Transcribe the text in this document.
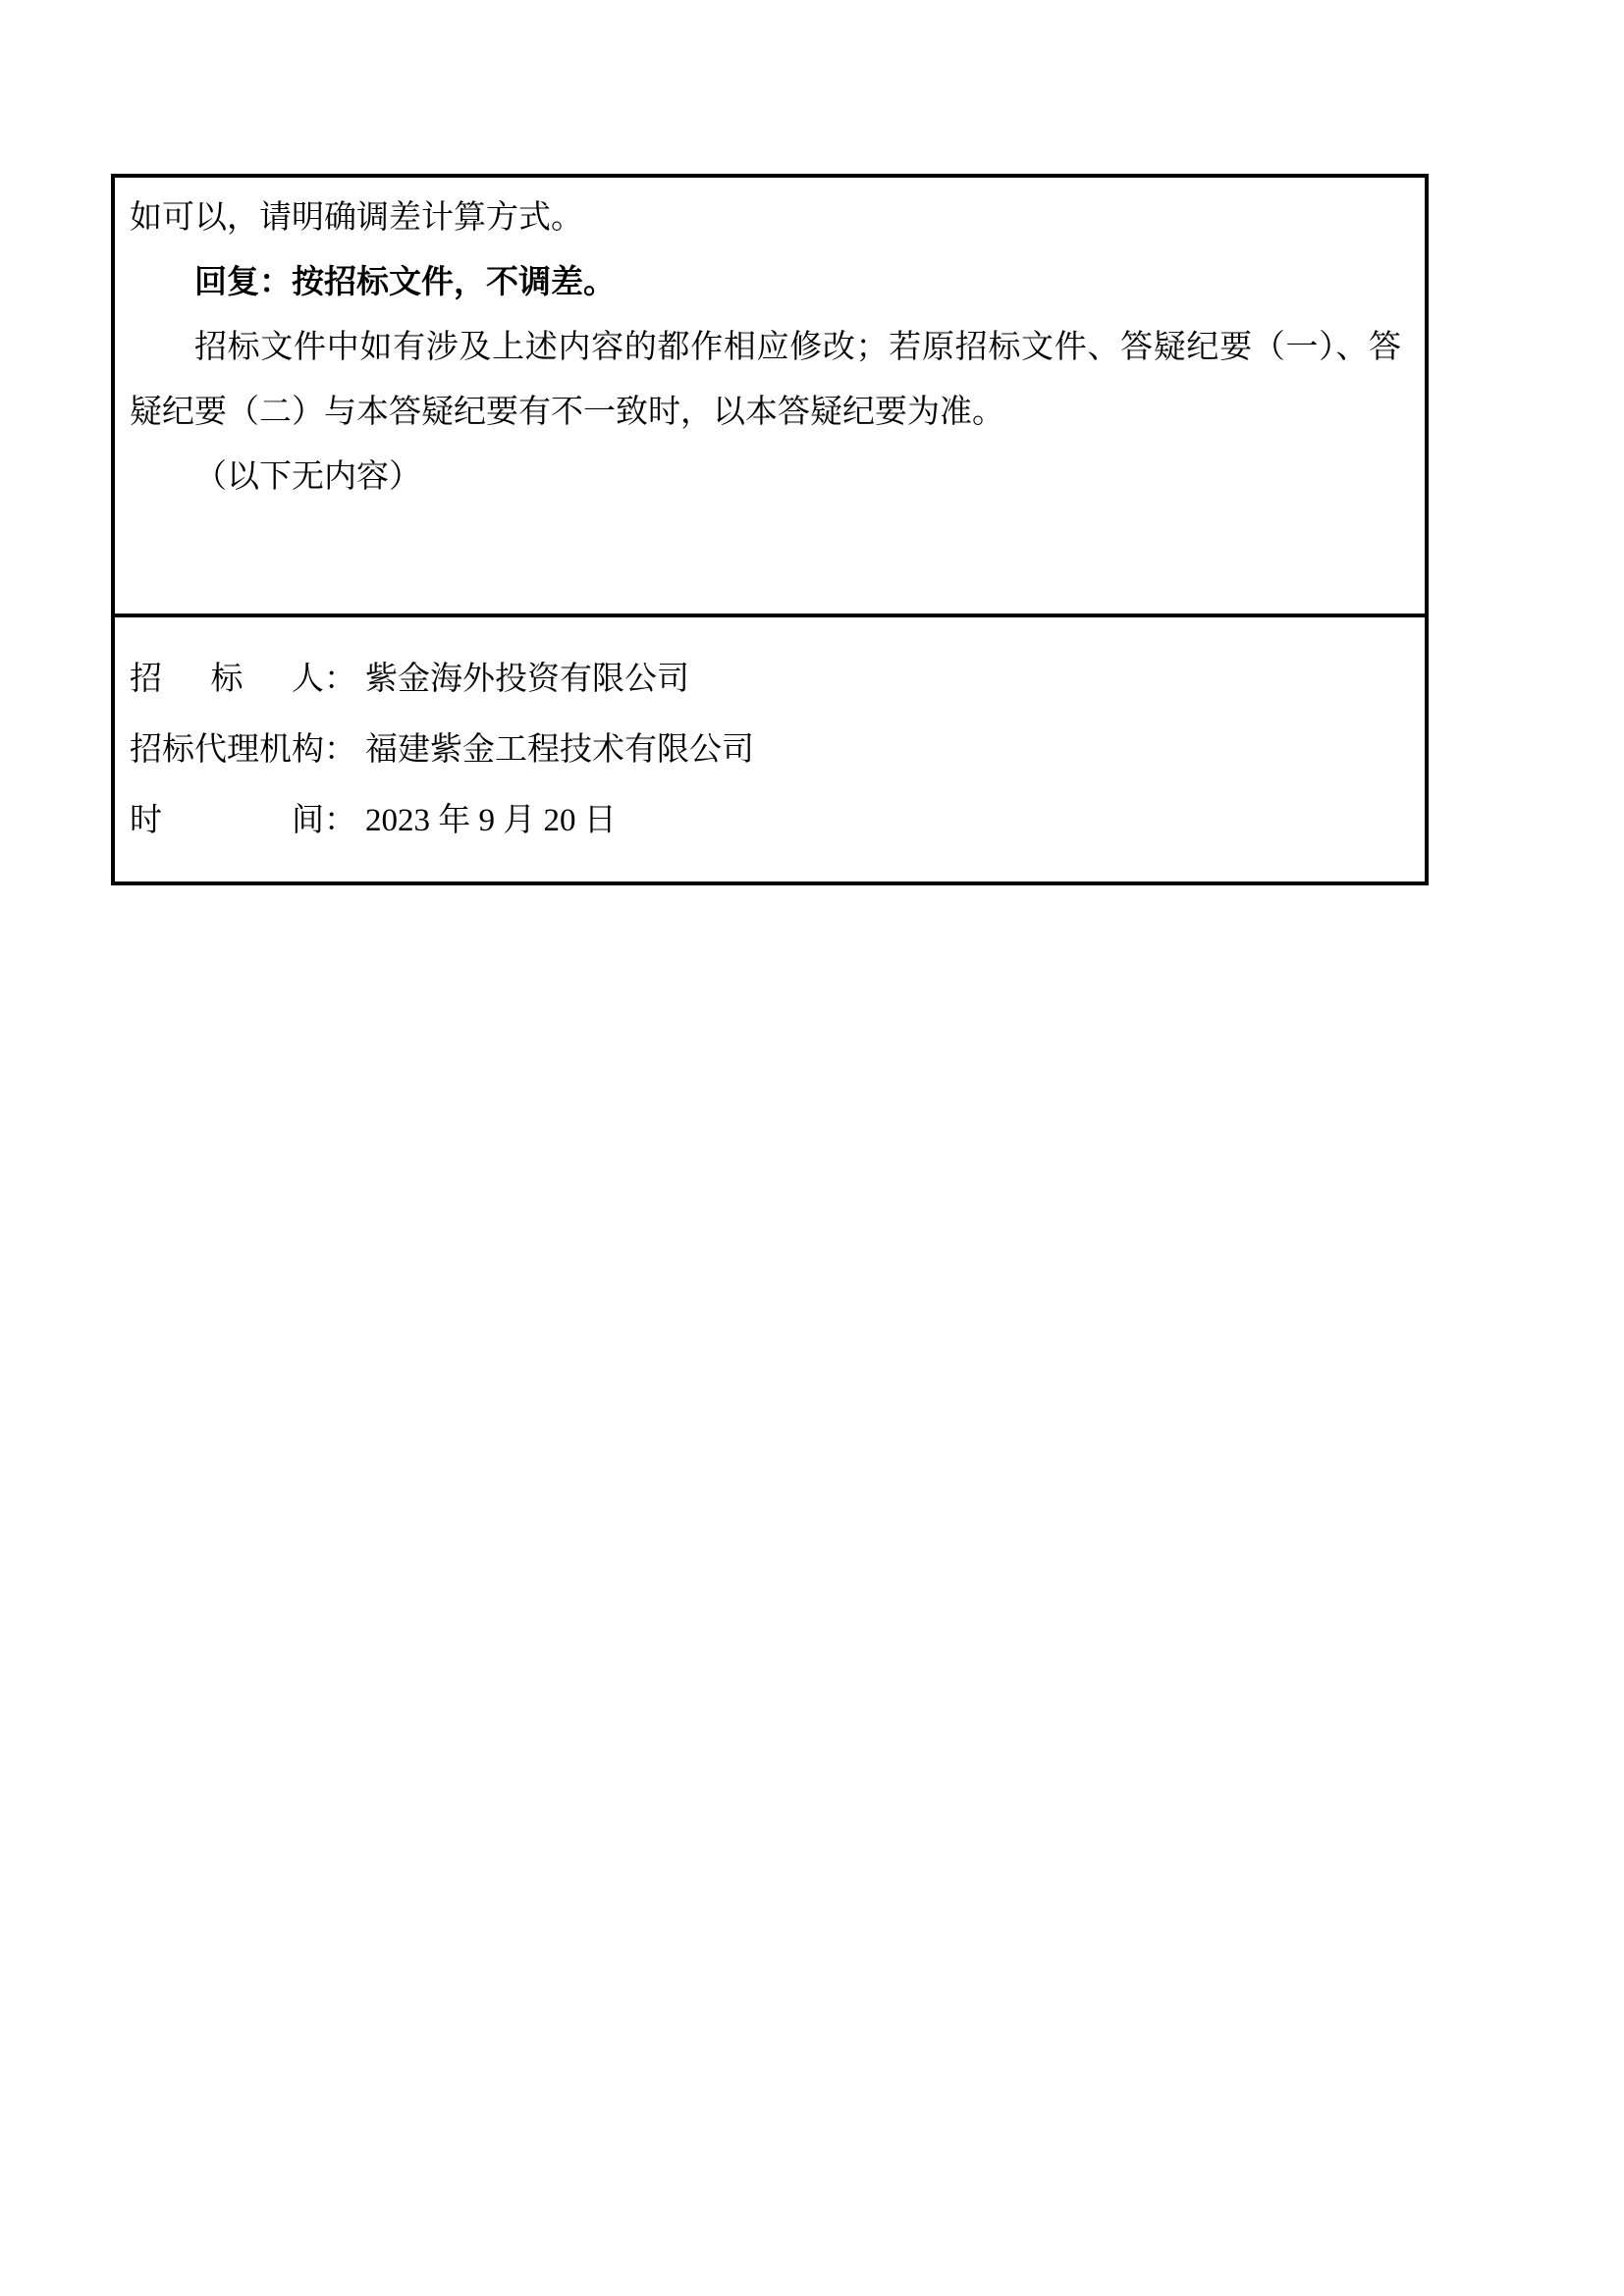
如可以，请明确调差计算方式。

回复：按招标文件，不调差。

招标文件中如有涉及上述内容的都作相应修改；若原招标文件、答疑纪要（一）、答疑纪要（二）与本答疑纪要有不一致时，以本答疑纪要为准。

（以下无内容）

招标人： 紫金海外投资有限公司
招标代理机构： 福建紫金工程技术有限公司
时间： 2023 年 9 月 20 日
